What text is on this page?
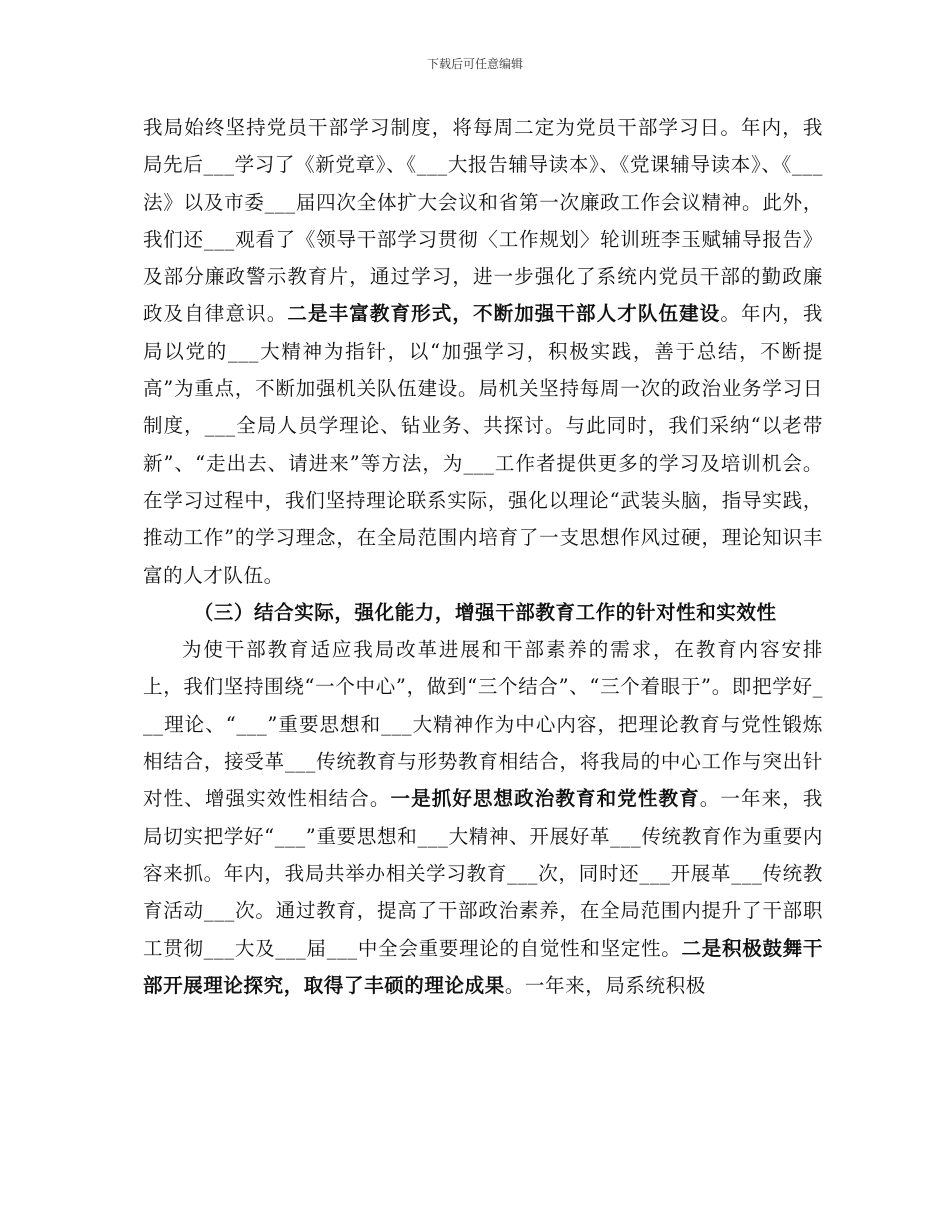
下载后可任意编辑

我局始终坚持党员干部学习制度，将每周二定为党员干部学习日。年内，我局先后___学习了《新党章》、《___大报告辅导读本》、《党课辅导读本》、《___法》以及市委___届四次全体扩大会议和省第一次廉政工作会议精神。此外，我们还___观看了《领导干部学习贯彻〈工作规划〉轮训班李玉赋辅导报告》及部分廉政警示教育片，通过学习，进一步强化了系统内党员干部的勤政廉政及自律意识。二是丰富教育形式，不断加强干部人才队伍建设。年内，我局以党的___大精神为指针，以“加强学习，积极实践，善于总结，不断提高”为重点，不断加强机关队伍建设。局机关坚持每周一次的政治业务学习日制度，___全局人员学理论、钻业务、共探讨。与此同时，我们采纳“以老带新”、“走出去、请进来”等方法，为___工作者提供更多的学习及培训机会。在学习过程中，我们坚持理论联系实际，强化以理论“武装头脑，指导实践，推动工作”的学习理念，在全局范围内培育了一支思想作风过硬，理论知识丰富的人才队伍。

（三）结合实际，强化能力，增强干部教育工作的针对性和实效性

为使干部教育适应我局改革进展和干部素养的需求，在教育内容安排上，我们坚持围绕“一个中心”，做到“三个结合”、“三个着眼于”。即把学好___理论、“___”重要思想和___大精神作为中心内容，把理论教育与党性锻炼相结合，接受革___传统教育与形势教育相结合，将我局的中心工作与突出针对性、增强实效性相结合。一是抓好思想政治教育和党性教育。一年来，我局切实把学好“___”重要思想和___大精神、开展好革___传统教育作为重要内容来抓。年内，我局共举办相关学习教育___次，同时还___开展革___传统教育活动___次。通过教育，提高了干部政治素养，在全局范围内提升了干部职工贯彻___大及___届___中全会重要理论的自觉性和坚定性。二是积极鼓舞干部开展理论探究，取得了丰硕的理论成果。一年来，局系统积极
